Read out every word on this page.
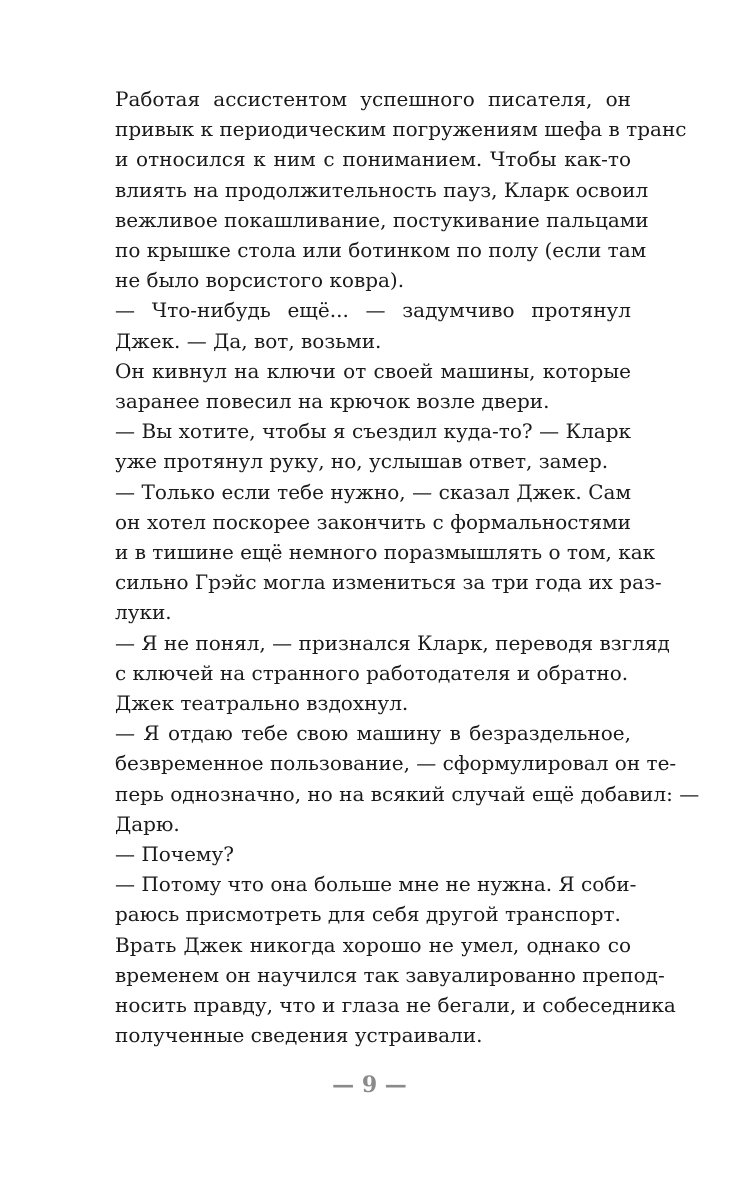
Работая ассистентом успешного писателя, он
привык к периодическим погружениям шефа в транс
и относился к ним с пониманием. Чтобы как-то
влиять на продолжительность пауз, Кларк освоил
вежливое покашливание, постукивание пальцами
по крышке стола или ботинком по полу (если там
не было ворсистого ковра).

— Что-нибудь ещё... — задумчиво протянул
Джек. — Да, вот, возьми.

Он кивнул на ключи от своей машины, которые
заранее повесил на крючок возле двери.

— Вы хотите, чтобы я съездил куда-то? — Кларк
уже протянул руку, но, услышав ответ, замер.

— Только если тебе нужно, — сказал Джек. Сам
он хотел поскорее закончить с формальностями
и в тишине ещё немного поразмышлять о том, как
сильно Грэйс могла измениться за три года их раз-
луки.

— Я не понял, — признался Кларк, переводя взгляд
с ключей на странного работодателя и обратно.

Джек театрально вздохнул.

— Я отдаю тебе свою машину в безраздельное,
безвременное пользование, — сформулировал он те-
перь однозначно, но на всякий случай ещё добавил: —
Дарю.

— Почему?

— Потому что она больше мне не нужна. Я соби-
раюсь присмотреть для себя другой транспорт.

Врать Джек никогда хорошо не умел, однако со
временем он научился так завуалированно препод-
носить правду, что и глаза не бегали, и собеседника
полученные сведения устраивали.

— 9 —
